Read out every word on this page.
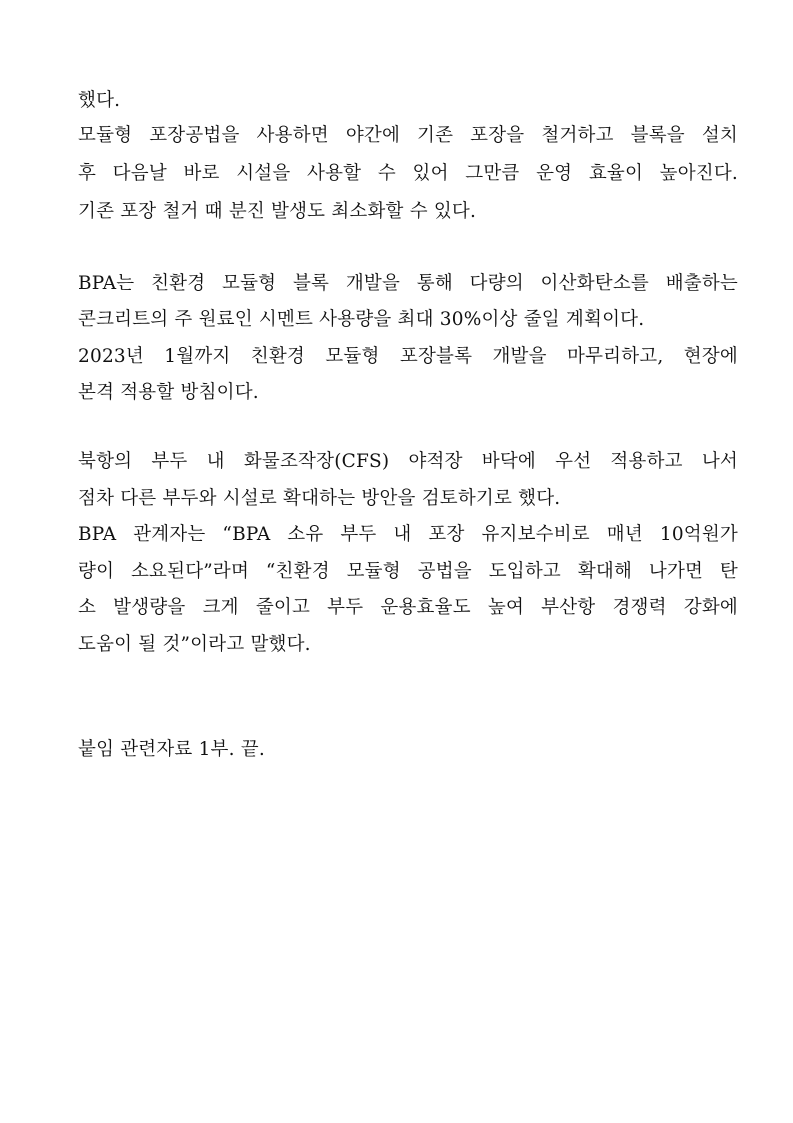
했다.
모듈형 포장공법을 사용하면 야간에 기존 포장을 철거하고 블록을 설치
후 다음날 바로 시설을 사용할 수 있어 그만큼 운영 효율이 높아진다.
기존 포장 철거 때 분진 발생도 최소화할 수 있다.
BPA는 친환경 모듈형 블록 개발을 통해 다량의 이산화탄소를 배출하는
콘크리트의 주 원료인 시멘트 사용량을 최대 30%이상 줄일 계획이다.
2023년 1월까지 친환경 모듈형 포장블록 개발을 마무리하고, 현장에
본격 적용할 방침이다.
북항의 부두 내 화물조작장(CFS) 야적장 바닥에 우선 적용하고 나서
점차 다른 부두와 시설로 확대하는 방안을 검토하기로 했다.
BPA 관계자는 “BPA 소유 부두 내 포장 유지보수비로 매년 10억원가
량이 소요된다”라며 “친환경 모듈형 공법을 도입하고 확대해 나가면 탄
소 발생량을 크게 줄이고 부두 운용효율도 높여 부산항 경쟁력 강화에
도움이 될 것”이라고 말했다.
붙임 관련자료 1부. 끝.
